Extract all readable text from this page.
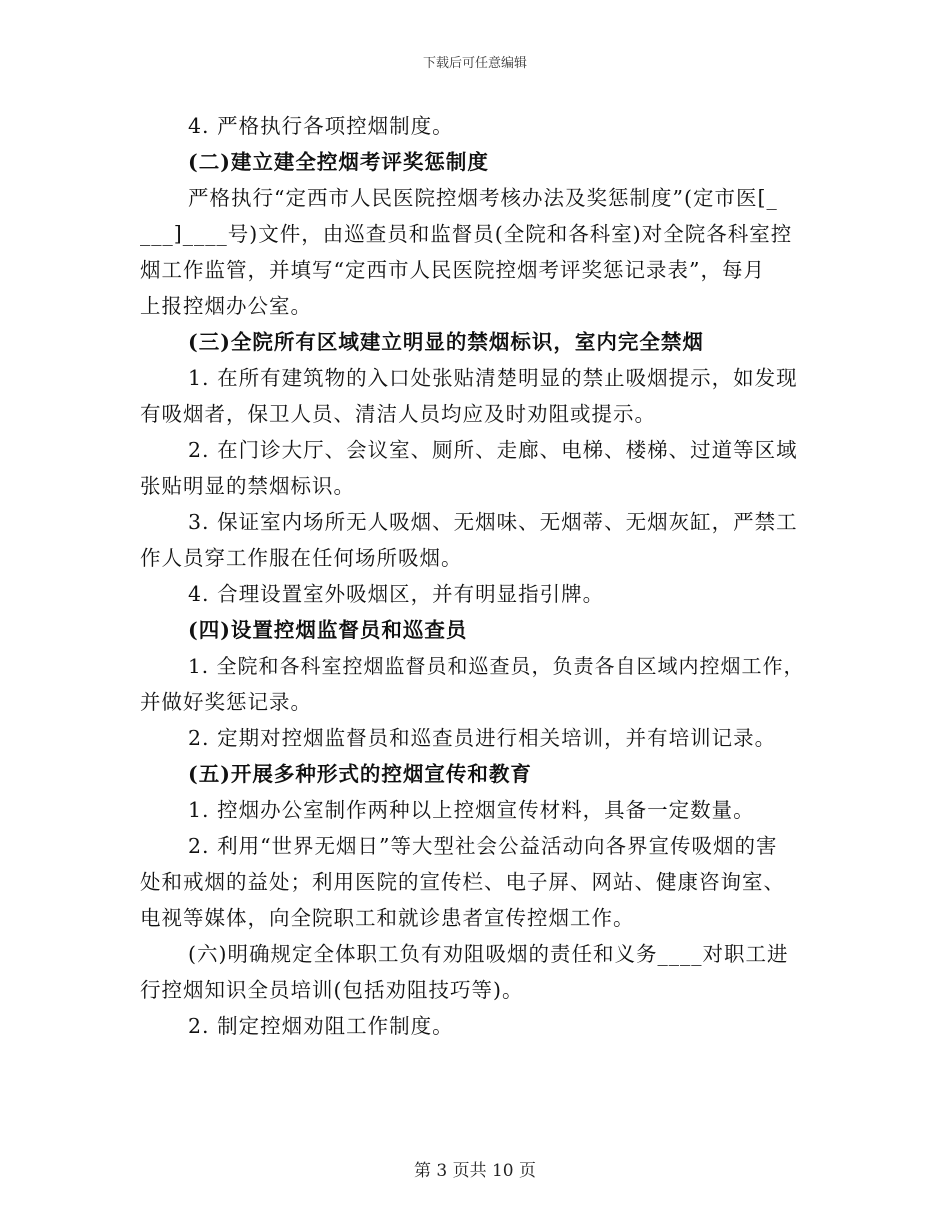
下载后可任意编辑
4. 严格执行各项控烟制度。
(二)建立建全控烟考评奖惩制度
严格执行“定西市人民医院控烟考核办法及奖惩制度”(定市医[_
___]____号)文件，由巡查员和监督员(全院和各科室)对全院各科室控
烟工作监管，并填写“定西市人民医院控烟考评奖惩记录表”，每月
上报控烟办公室。
(三)全院所有区域建立明显的禁烟标识，室内完全禁烟
1. 在所有建筑物的入口处张贴清楚明显的禁止吸烟提示，如发现
有吸烟者，保卫人员、清洁人员均应及时劝阻或提示。
2. 在门诊大厅、会议室、厕所、走廊、电梯、楼梯、过道等区域
张贴明显的禁烟标识。
3. 保证室内场所无人吸烟、无烟味、无烟蒂、无烟灰缸，严禁工
作人员穿工作服在任何场所吸烟。
4. 合理设置室外吸烟区，并有明显指引牌。
(四)设置控烟监督员和巡查员
1. 全院和各科室控烟监督员和巡查员，负责各自区域内控烟工作，
并做好奖惩记录。
2. 定期对控烟监督员和巡查员进行相关培训，并有培训记录。
(五)开展多种形式的控烟宣传和教育
1. 控烟办公室制作两种以上控烟宣传材料，具备一定数量。
2. 利用“世界无烟日”等大型社会公益活动向各界宣传吸烟的害
处和戒烟的益处；利用医院的宣传栏、电子屏、网站、健康咨询室、
电视等媒体，向全院职工和就诊患者宣传控烟工作。
(六)明确规定全体职工负有劝阻吸烟的责任和义务____对职工进
行控烟知识全员培训(包括劝阻技巧等)。
2. 制定控烟劝阻工作制度。
第 3 页共 10 页
